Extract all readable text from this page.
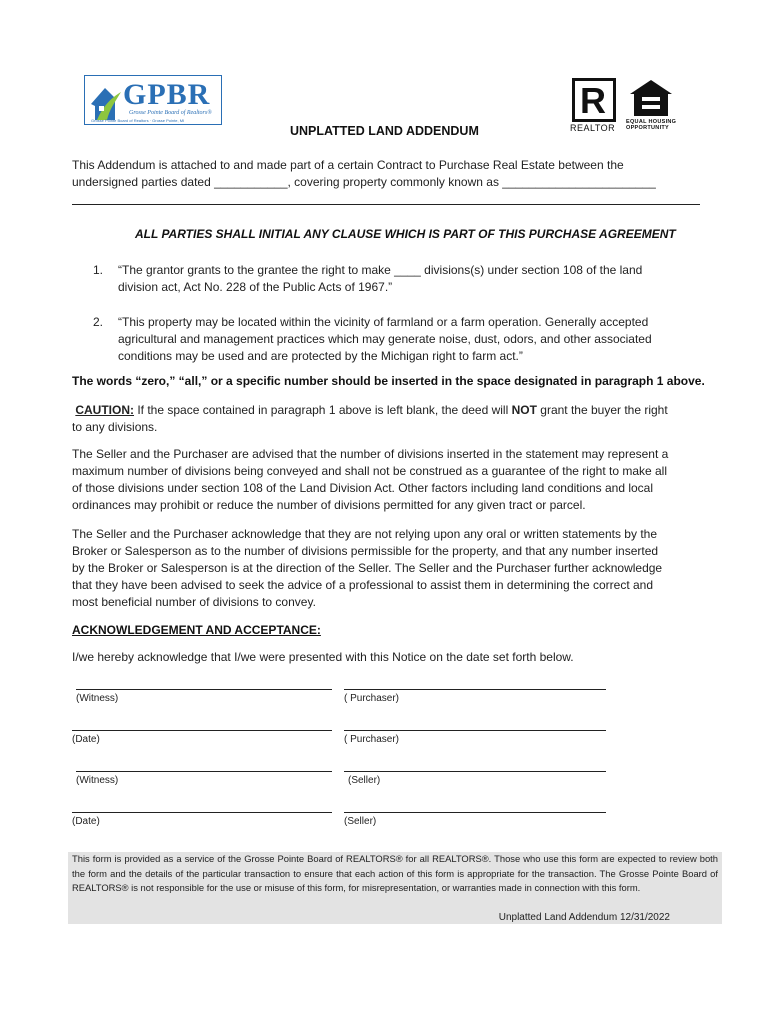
GPBR
Grosse Pointe Board of Realtors®
Grosse Pointe Board of Realtors · Grosse Pointe, MI	R
REALTOR
EQUAL HOUSING
OPPORTUNITY
UNPLATTED LAND ADDENDUM
This Addendum is attached to and made part of a certain Contract to Purchase Real Estate between the
undersigned parties dated ___________, covering property commonly known as _______________________
ALL PARTIES SHALL INITIAL ANY CLAUSE WHICH IS PART OF THIS PURCHASE AGREEMENT
1. “The grantor grants to the grantee the right to make ____ divisions(s) under section 108 of the land
division act, Act No. 228 of the Public Acts of 1967.”
2. “This property may be located within the vicinity of farmland or a farm operation. Generally accepted
agricultural and management practices which may generate noise, dust, odors, and other associated
conditions may be used and are protected by the Michigan right to farm act.”
The words “zero,” “all,” or a specific number should be inserted in the space designated in paragraph 1 above.
CAUTION: If the space contained in paragraph 1 above is left blank, the deed will NOT grant the buyer the right
to any divisions.
The Seller and the Purchaser are advised that the number of divisions inserted in the statement may represent a
maximum number of divisions being conveyed and shall not be construed as a guarantee of the right to make all
of those divisions under section 108 of the Land Division Act. Other factors including land conditions and local
ordinances may prohibit or reduce the number of divisions permitted for any given tract or parcel.
The Seller and the Purchaser acknowledge that they are not relying upon any oral or written statements by the
Broker or Salesperson as to the number of divisions permissible for the property, and that any number inserted
by the Broker or Salesperson is at the direction of the Seller. The Seller and the Purchaser further acknowledge
that they have been advised to seek the advice of a professional to assist them in determining the correct and
most beneficial number of divisions to convey.
ACKNOWLEDGEMENT AND ACCEPTANCE:
I/we hereby acknowledge that I/we were presented with this Notice on the date set forth below.
(Witness)
(Date)
(Witness)
(Date)
( Purchaser)
( Purchaser)
(Seller)
(Seller)
This form is provided as a service of the Grosse Pointe Board of REALTORS® for all REALTORS®. Those who use this form are expected to review both the form and the details of the particular transaction to ensure that each action of this form is appropriate for the transaction. The Grosse Pointe Board of REALTORS® is not responsible for the use or misuse of this form, for misrepresentation, or warranties made in connection with this form.
Unplatted Land Addendum 12/31/2022
